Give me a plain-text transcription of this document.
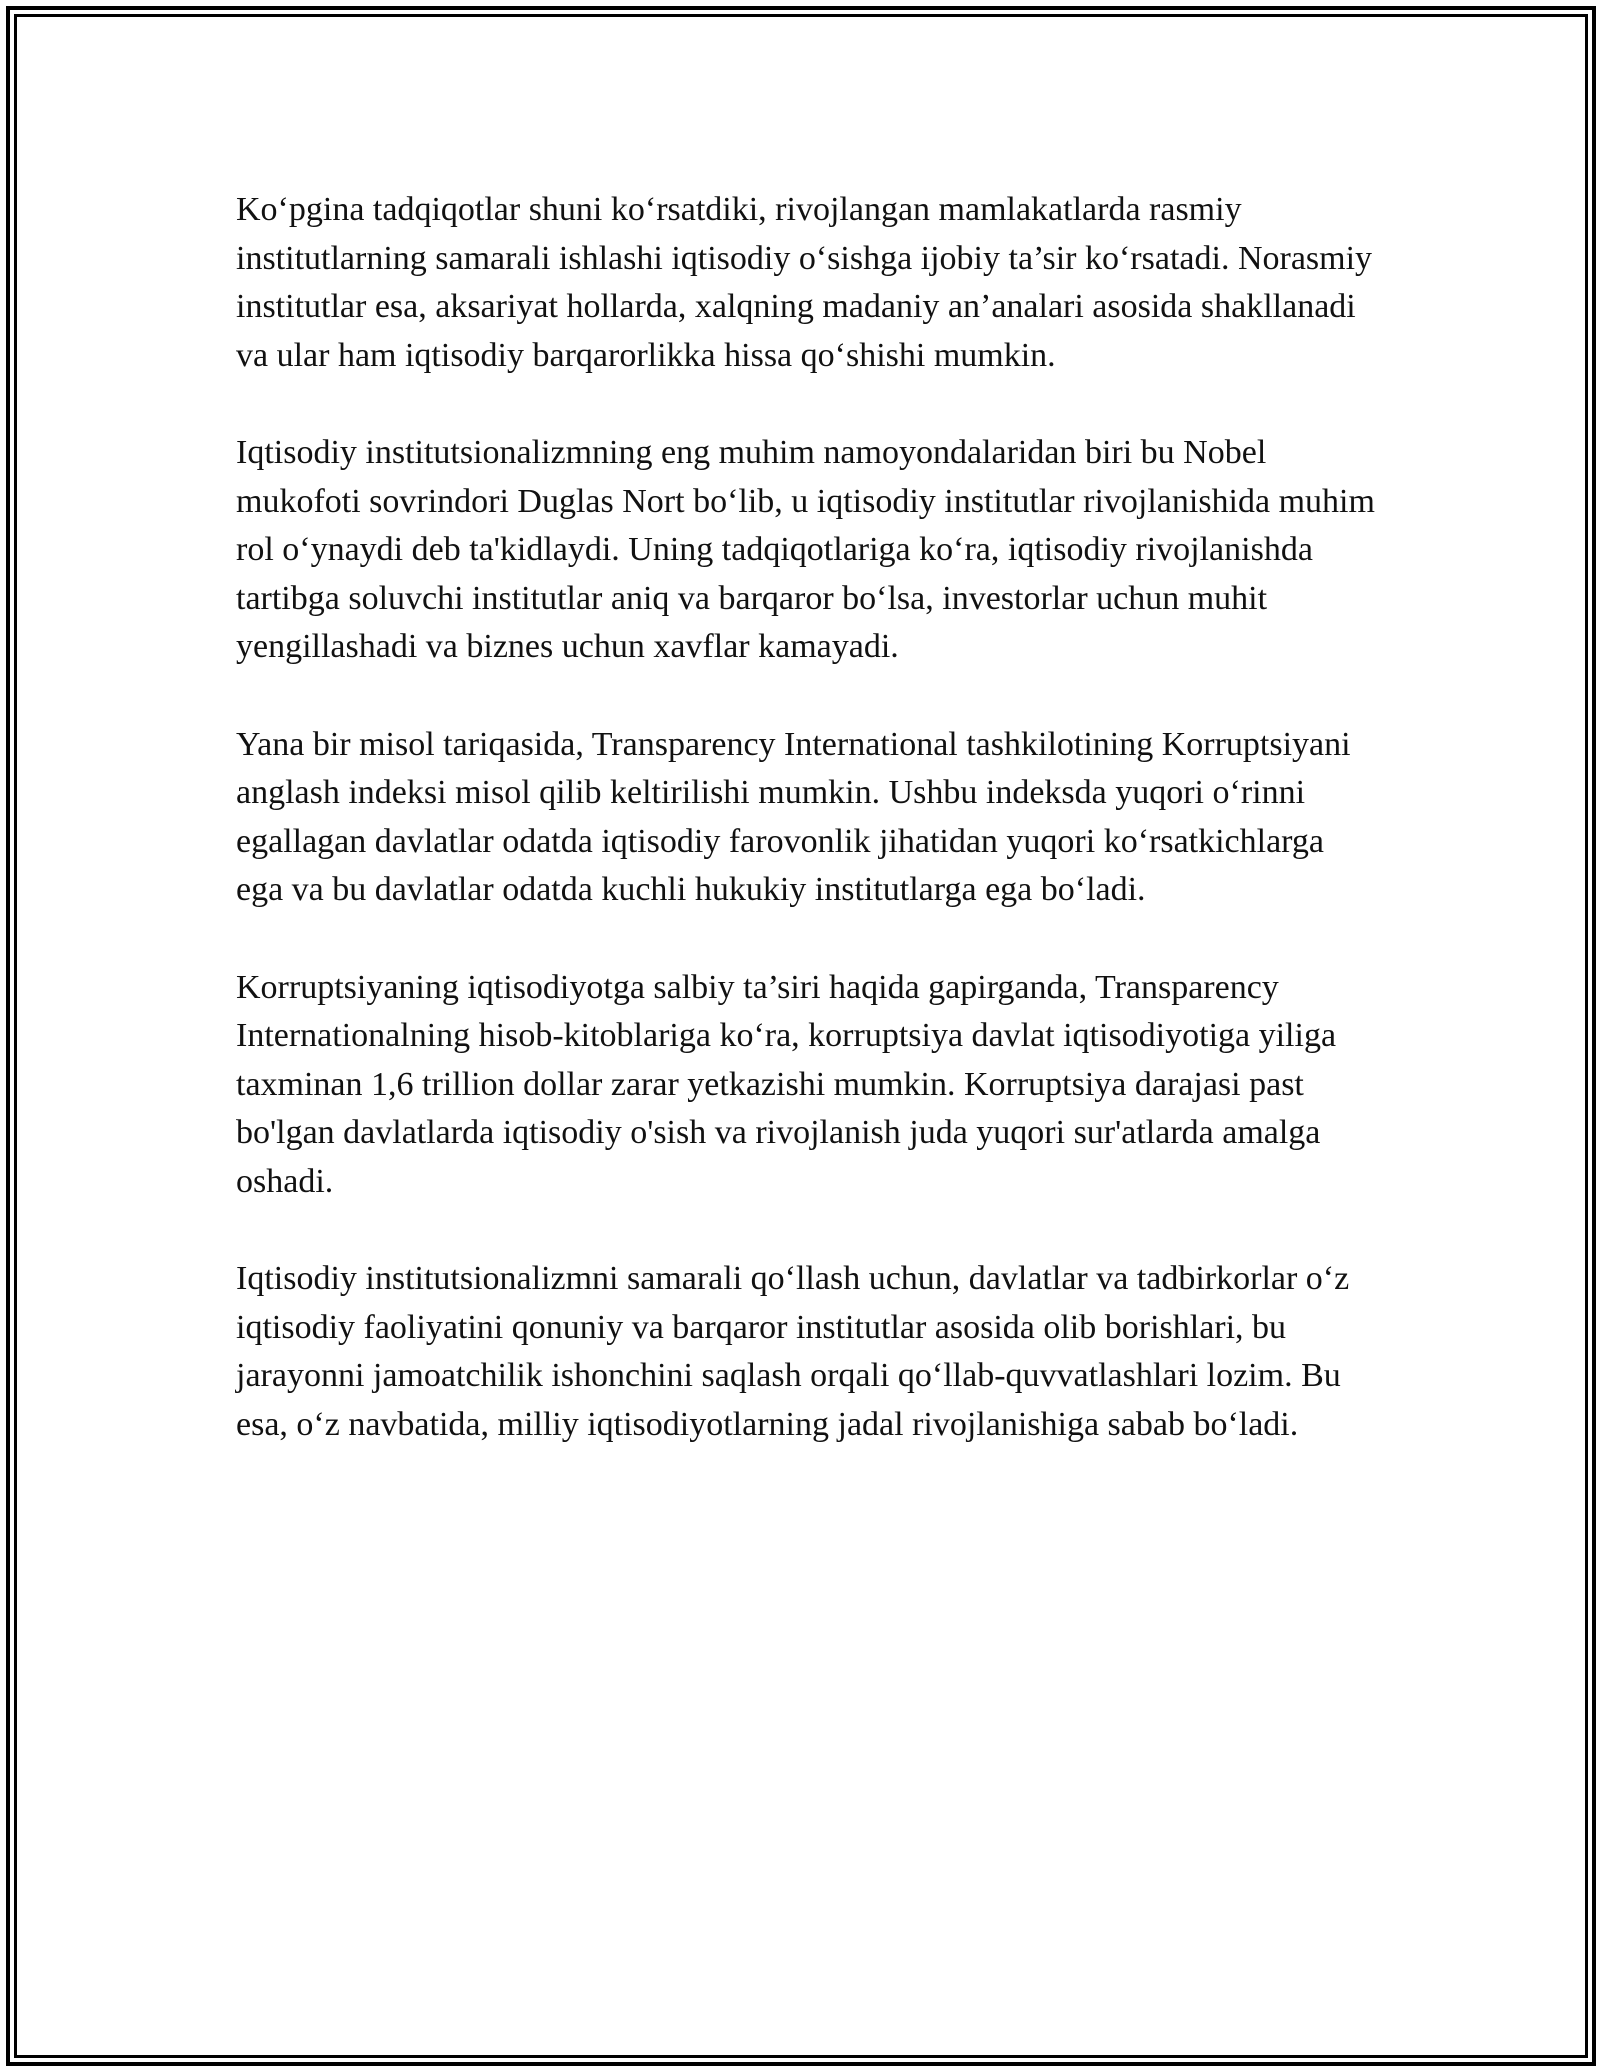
Ko‘pgina tadqiqotlar shuni ko‘rsatdiki, rivojlangan mamlakatlarda rasmiy institutlarning samarali ishlashi iqtisodiy o‘sishga ijobiy ta’sir ko‘rsatadi. Norasmiy institutlar esa, aksariyat hollarda, xalqning madaniy an’analari asosida shakllanadi va ular ham iqtisodiy barqarorlikka hissa qo‘shishi mumkin.

Iqtisodiy institutsionalizmning eng muhim namoyondalaridan biri bu Nobel mukofoti sovrindori Duglas Nort bo‘lib, u iqtisodiy institutlar rivojlanishida muhim rol o‘ynaydi deb ta'kidlaydi. Uning tadqiqotlariga ko‘ra, iqtisodiy rivojlanishda tartibga soluvchi institutlar aniq va barqaror bo‘lsa, investorlar uchun muhit yengillashadi va biznes uchun xavflar kamayadi.

Yana bir misol tariqasida, Transparency International tashkilotining Korruptsiyani anglash indeksi misol qilib keltirilishi mumkin. Ushbu indeksda yuqori o‘rinni egallagan davlatlar odatda iqtisodiy farovonlik jihatidan yuqori ko‘rsatkichlarga ega va bu davlatlar odatda kuchli hukukiy institutlarga ega bo‘ladi.

Korruptsiyaning iqtisodiyotga salbiy ta’siri haqida gapirganda, Transparency Internationalning hisob-kitoblariga ko‘ra, korruptsiya davlat iqtisodiyotiga yiliga taxminan 1,6 trillion dollar zarar yetkazishi mumkin. Korruptsiya darajasi past bo'lgan davlatlarda iqtisodiy o'sish va rivojlanish juda yuqori sur'atlarda amalga oshadi.

Iqtisodiy institutsionalizmni samarali qo‘llash uchun, davlatlar va tadbirkorlar o‘z iqtisodiy faoliyatini qonuniy va barqaror institutlar asosida olib borishlari, bu jarayonni jamoatchilik ishonchini saqlash orqali qo‘llab-quvvatlashlari lozim. Bu esa, o‘z navbatida, milliy iqtisodiyotlarning jadal rivojlanishiga sabab bo‘ladi.
